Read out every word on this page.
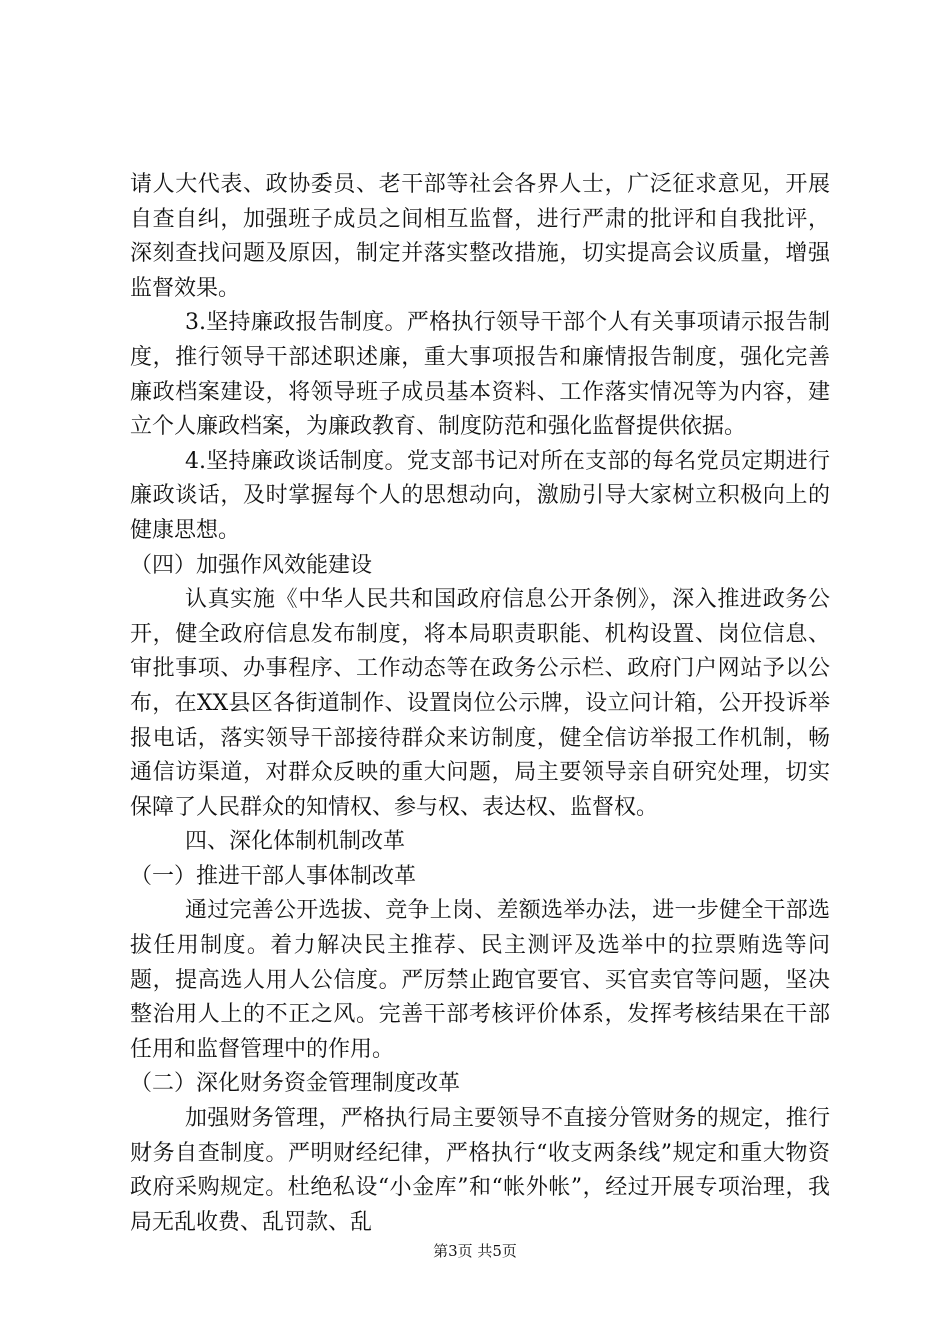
请人大代表、政协委员、老干部等社会各界人士，广泛征求意见，开展自查自纠，加强班子成员之间相互监督，进行严肃的批评和自我批评，深刻查找问题及原因，制定并落实整改措施，切实提高会议质量，增强监督效果。

3.坚持廉政报告制度。严格执行领导干部个人有关事项请示报告制度，推行领导干部述职述廉，重大事项报告和廉情报告制度，强化完善廉政档案建设，将领导班子成员基本资料、工作落实情况等为内容，建立个人廉政档案，为廉政教育、制度防范和强化监督提供依据。

4.坚持廉政谈话制度。党支部书记对所在支部的每名党员定期进行廉政谈话，及时掌握每个人的思想动向，激励引导大家树立积极向上的健康思想。

（四）加强作风效能建设

认真实施《中华人民共和国政府信息公开条例》，深入推进政务公开，健全政府信息发布制度，将本局职责职能、机构设置、岗位信息、审批事项、办事程序、工作动态等在政务公示栏、政府门户网站予以公布，在XX县区各街道制作、设置岗位公示牌，设立问计箱，公开投诉举报电话，落实领导干部接待群众来访制度，健全信访举报工作机制，畅通信访渠道，对群众反映的重大问题，局主要领导亲自研究处理，切实保障了人民群众的知情权、参与权、表达权、监督权。

四、深化体制机制改革

（一）推进干部人事体制改革

通过完善公开选拔、竞争上岗、差额选举办法，进一步健全干部选拔任用制度。着力解决民主推荐、民主测评及选举中的拉票贿选等问题，提高选人用人公信度。严厉禁止跑官要官、买官卖官等问题，坚决整治用人上的不正之风。完善干部考核评价体系，发挥考核结果在干部任用和监督管理中的作用。

（二）深化财务资金管理制度改革

加强财务管理，严格执行局主要领导不直接分管财务的规定，推行财务自查制度。严明财经纪律，严格执行“收支两条线”规定和重大物资政府采购规定。杜绝私设“小金库”和“帐外帐”，经过开展专项治理，我局无乱收费、乱罚款、乱

第3页 共5页
